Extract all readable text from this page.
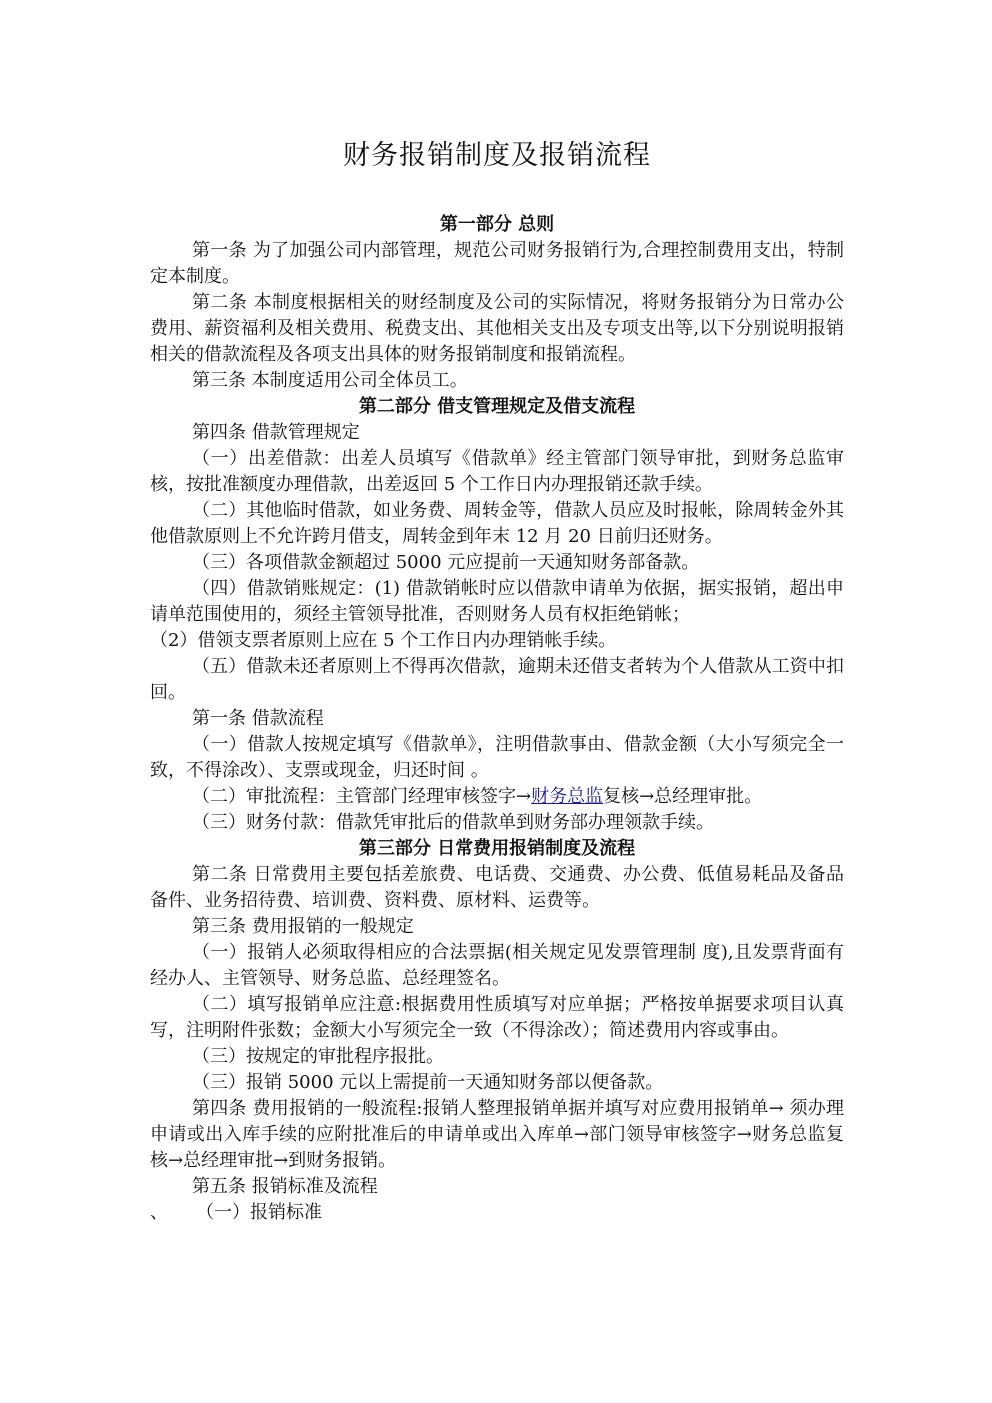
财务报销制度及报销流程

第一部分 总则

第一条 为了加强公司内部管理，规范公司财务报销行为,合理控制费用支出，特制定本制度。

第二条 本制度根据相关的财经制度及公司的实际情况，将财务报销分为日常办公费用、薪资福利及相关费用、税费支出、其他相关支出及专项支出等,以下分别说明报销相关的借款流程及各项支出具体的财务报销制度和报销流程。

第三条 本制度适用公司全体员工。

第二部分 借支管理规定及借支流程

第四条 借款管理规定

（一）出差借款：出差人员填写《借款单》经主管部门领导审批，到财务总监审核，按批准额度办理借款，出差返回 5 个工作日内办理报销还款手续。

（二）其他临时借款，如业务费、周转金等，借款人员应及时报帐，除周转金外其他借款原则上不允许跨月借支，周转金到年末 12 月 20 日前归还财务。

（三）各项借款金额超过 5000 元应提前一天通知财务部备款。

（四）借款销账规定：(1) 借款销帐时应以借款申请单为依据，据实报销，超出申请单范围使用的，须经主管领导批准，否则财务人员有权拒绝销帐；

（2）借领支票者原则上应在 5 个工作日内办理销帐手续。

（五）借款未还者原则上不得再次借款，逾期未还借支者转为个人借款从工资中扣回。

第一条 借款流程

（一）借款人按规定填写《借款单》，注明借款事由、借款金额（大小写须完全一致，不得涂改）、支票或现金，归还时间 。

（二）审批流程：主管部门经理审核签字→财务总监复核→总经理审批。

（三）财务付款：借款凭审批后的借款单到财务部办理领款手续。

第三部分 日常费用报销制度及流程

第二条 日常费用主要包括差旅费、电话费、交通费、办公费、低值易耗品及备品备件、业务招待费、培训费、资料费、原材料、运费等。

第三条 费用报销的一般规定

（一）报销人必须取得相应的合法票据(相关规定见发票管理制 度),且发票背面有经办人、主管领导、财务总监、总经理签名。

（二）填写报销单应注意:根据费用性质填写对应单据；严格按单据要求项目认真写，注明附件张数；金额大小写须完全一致（不得涂改）；简述费用内容或事由。

（三）按规定的审批程序报批。

（三）报销 5000 元以上需提前一天通知财务部以便备款。

第四条 费用报销的一般流程:报销人整理报销单据并填写对应费用报销单→ 须办理申请或出入库手续的应附批准后的申请单或出入库单→部门领导审核签字→财务总监复核→总经理审批→到财务报销。

第五条 报销标准及流程

、 （一）报销标准
